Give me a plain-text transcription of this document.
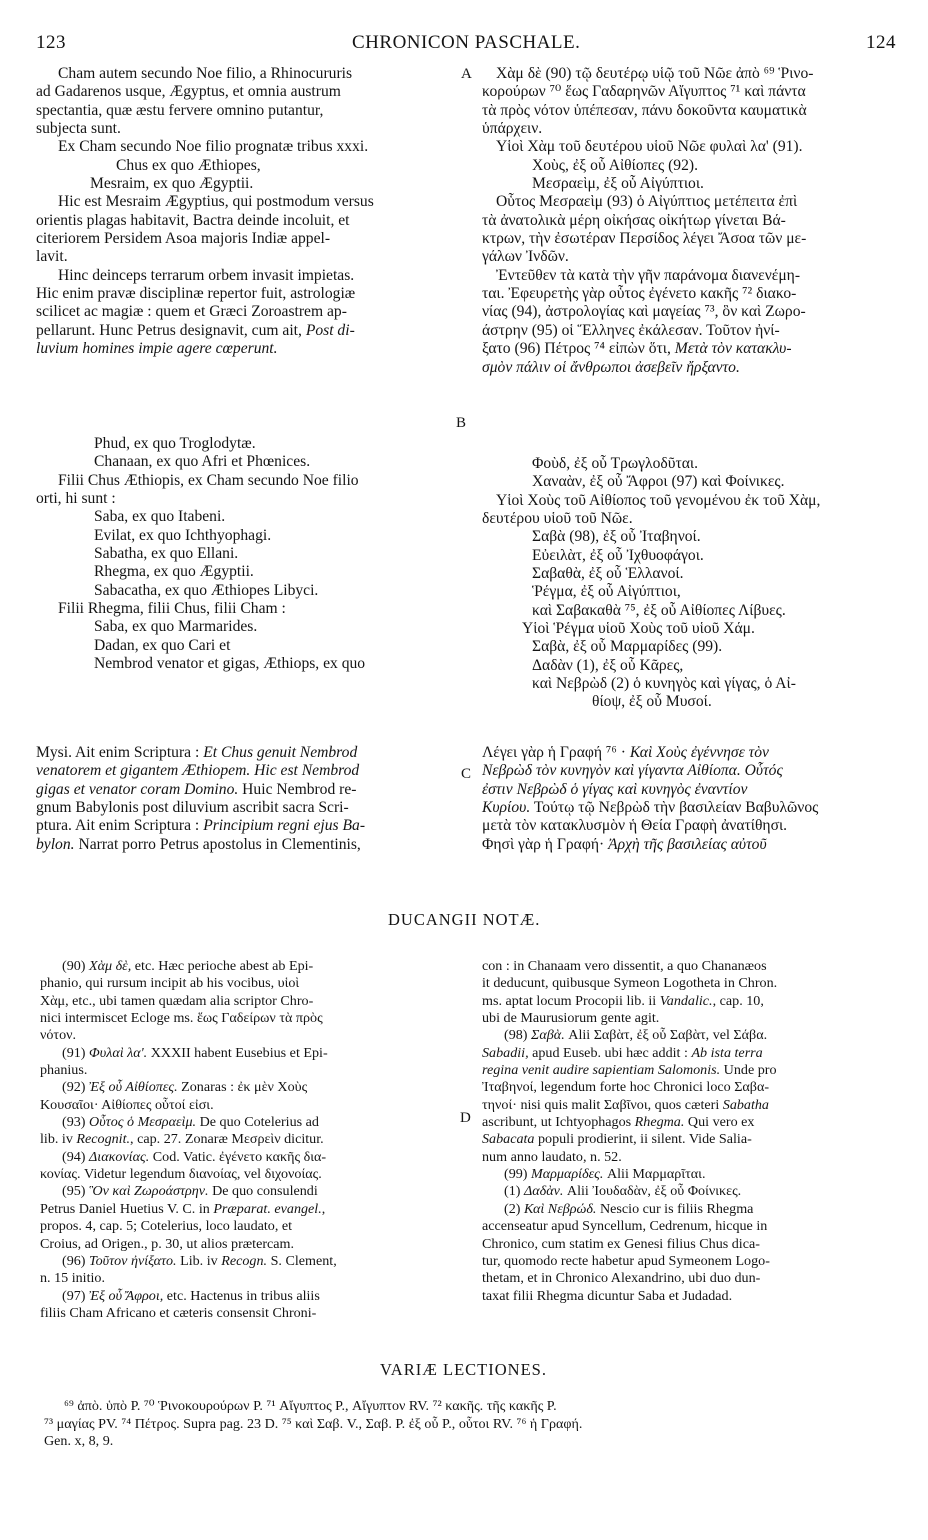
123	CHRONICON PASCHALE.	124
Cham autem secundo Noe filio, a Rhinocururis
ad Gadarenos usque, Ægyptus, et omnia austrum
spectantia, quæ æstu fervere omnino putantur,
subjecta sunt.
Ex Cham secundo Noe filio prognatæ tribus xxxi.
Chus ex quo Æthiopes,
Mesraim, ex quo Ægyptii.
Hic est Mesraim Ægyptius, qui postmodum versus
orientis plagas habitavit, Bactra deinde incoluit, et
citeriorem Persidem Asoa majoris Indiæ appel-
lavit.
Hinc deinceps terrarum orbem invasit impietas.
Hic enim pravæ disciplinæ repertor fuit, astrologiæ
scilicet ac magiæ : quem et Græci Zoroastrem ap-
pellarunt. Hunc Petrus designavit, cum ait, Post di-
luvium homines impie agere cœperunt.
Phud, ex quo Troglodytæ.
Chanaan, ex quo Afri et Phœnices.
Filii Chus Æthiopis, ex Cham secundo Noe filio
orti, hi sunt :
Saba, ex quo Itabeni.
Evilat, ex quo Ichthyophagi.
Sabatha, ex quo Ellani.
Rhegma, ex quo Ægyptii.
Sabacatha, ex quo Æthiopes Libyci.
Filii Rhegma, filii Chus, filii Cham :
Saba, ex quo Marmarides.
Dadan, ex quo Cari et
Nembrod venator et gigas, Æthiops, ex quo
Mysi. Ait enim Scriptura : Et Chus genuit Nembrod
venatorem et gigantem Æthiopem. Hic est Nembrod
gigas et venator coram Domino. Huic Nembrod re-
gnum Babylonis post diluvium ascribit sacra Scri-
ptura. Ait enim Scriptura : Principium regni ejus Ba-
bylon. Narrat porro Petrus apostolus in Clementinis,
A
B
C
D
Χὰμ δὲ (90) τῷ δευτέρῳ υἱῷ τοῦ Νῶε ἀπὸ ⁶⁹ Ῥινο-
κορούρων ⁷⁰ ἕως Γαδαρηνῶν Αἴγυπτος ⁷¹ καὶ πάντα
τὰ πρὸς νότον ὑπέπεσαν, πάνυ δοκοῦντα καυματικὰ
ὑπάρχειν.
Υἱοὶ Χὰμ τοῦ δευτέρου υἱοῦ Νῶε φυλαὶ λα' (91).
Χοὺς, ἐξ οὗ Αἰθίοπες (92).
Μεσραεὶμ, ἐξ οὗ Αἰγύπτιοι.
Οὗτος Μεσραεὶμ (93) ὁ Αἰγύπτιος μετέπειτα ἐπὶ
τὰ ἀνατολικὰ μέρη οἰκήσας οἰκήτωρ γίνεται Βά-
κτρων, τὴν ἐσωτέραν Περσίδος λέγει Ἄσοα τῶν με-
γάλων Ἰνδῶν.
Ἐντεῦθεν τὰ κατὰ τὴν γῆν παράνομα διανενέμη-
ται. Ἐφευρετὴς γὰρ οὗτος ἐγένετο κακῆς ⁷² διακο-
νίας (94), ἀστρολογίας καὶ μαγείας ⁷³, ὃν καὶ Ζωρο-
άστρην (95) οἱ Ἕλληνες ἐκάλεσαν. Τοῦτον ἠνί-
ξατο (96) Πέτρος ⁷⁴ εἰπὼν ὅτι, Μετὰ τὸν κατακλυ-
σμὸν πάλιν οἱ ἄνθρωποι ἀσεβεῖν ἤρξαντο.
Φοὺδ, ἐξ οὗ Τρωγλοδῦται.
Χαναὰν, ἐξ οὗ Ἄφροι (97) καὶ Φοίνικες.
Υἱοὶ Χοὺς τοῦ Αἰθίοπος τοῦ γενομένου ἐκ τοῦ Χὰμ,
δευτέρου υἱοῦ τοῦ Νῶε.
Σαβὰ (98), ἐξ οὗ Ἰταβηνοί.
Εὐειλὰτ, ἐξ οὗ Ἰχθυοφάγοι.
Σαβαθὰ, ἐξ οὗ Ἑλλανοί.
Ῥέγμα, ἐξ οὗ Αἰγύπτιοι,
καὶ Σαβακαθὰ ⁷⁵, ἐξ οὗ Αἰθίοπες Λίβυες.
Υἱοὶ Ῥέγμα υἱοῦ Χοὺς τοῦ υἱοῦ Χάμ.
Σαβὰ, ἐξ οὗ Μαρμαρίδες (99).
Δαδὰν (1), ἐξ οὗ Κᾶρες,
καὶ Νεβρὼδ (2) ὁ κυνηγὸς καὶ γίγας, ὁ Αἰ-
θίοψ, ἐξ οὗ Μυσοί.
Λέγει γὰρ ἡ Γραφή ⁷⁶ · Καὶ Χοὺς ἐγέννησε τὸν
Νεβρὼδ τὸν κυνηγὸν καὶ γίγαντα Αἰθίοπα. Οὗτός
ἐστιν Νεβρὼδ ὁ γίγας καὶ κυνηγὸς ἐναντίον
Κυρίου. Τούτῳ τῷ Νεβρὼδ τὴν βασιλείαν Βαβυλῶνος
μετὰ τὸν κατακλυσμὸν ἡ Θεία Γραφὴ ἀνατίθησι.
Φησὶ γὰρ ἡ Γραφή· Ἀρχὴ τῆς βασιλείας αὐτοῦ
DUCANGII NOTÆ.
(90) Χὰμ δὲ, etc. Hæc perioche abest ab Epi-
phanio, qui rursum incipit ab his vocibus, υἱοὶ
Χὰμ, etc., ubi tamen quædam alia scriptor Chro-
nici intermiscet Ecloge ms. ἕως Γαδείρων τὰ πρὸς
νότον.
(91) Φυλαὶ λα'. XXXII habent Eusebius et Epi-
phanius.
(92) Ἐξ οὗ Αἰθίοπες. Zonaras : ἐκ μὲν Χοὺς
Κουσαῖοι· Αἰθίοπες οὗτοί εἰσι.
(93) Οὗτος ὁ Μεσραεὶμ. De quo Cotelerius ad
lib. iv Recognit., cap. 27. Zonaræ Μεσρεὶν dicitur.
(94) Διακονίας. Cod. Vatic. ἐγένετο κακῆς δια-
κονίας. Videtur legendum διανοίας, vel διχονοίας.
(95) Ὃν καὶ Ζωροάστρην. De quo consulendi
Petrus Daniel Huetius V. C. in Præparat. evangel.,
propos. 4, cap. 5; Cotelerius, loco laudato, et
Croius, ad Origen., p. 30, ut alios prætercam.
(96) Τοῦτον ἠνίξατο. Lib. iv Recogn. S. Clement,
n. 15 initio.
(97) Ἐξ οὗ Ἄφροι, etc. Hactenus in tribus aliis
filiis Cham Africano et cæteris consensit Chroni-
con : in Chanaam vero dissentit, a quo Chananæos
it deducunt, quibusque Symeon Logotheta in Chron.
ms. aptat locum Procopii lib. ii Vandalic., cap. 10,
ubi de Maurusiorum gente agit.
(98) Σαβὰ. Alii Σαβὰτ, ἐξ οὗ Σαβὰτ, vel Σάβα.
Sabadii, apud Euseb. ubi hæc addit : Ab ista terra
regina venit audire sapientiam Salomonis. Unde pro
Ἰταβηνοί, legendum forte hoc Chronici loco Σαβα-
τηνοί· nisi quis malit Σαβῖνοι, quos cæteri Sabatha
ascribunt, ut Ichtyophagos Rhegma. Qui vero ex
Sabacata populi prodierint, ii silent. Vide Salia-
num anno laudato, n. 52.
(99) Μαρμαρίδες. Alii Μαρμαρῖται.
(1) Δαδὰν. Alii Ἰουδαδὰν, ἐξ οὗ Φοίνικες.
(2) Καὶ Νεβρώδ. Nescio cur is filiis Rhegma
accenseatur apud Syncellum, Cedrenum, hicque in
Chronico, cum statim ex Genesi filius Chus dica-
tur, quomodo recte habetur apud Symeonem Logo-
thetam, et in Chronico Alexandrino, ubi duo dun-
taxat filii Rhegma dicuntur Saba et Judadad.
VARIÆ LECTIONES.
⁶⁹ ἀπὸ. ὑπὸ P. ⁷⁰ Ῥινοκουρούρων P. ⁷¹ Αἴγυπτος P., Αἴγυπτον RV. ⁷² κακῆς. τῆς κακῆς P.
⁷³ μαγίας PV. ⁷⁴ Πέτρος. Supra pag. 23 D. ⁷⁵ καὶ Σαβ. V., Σαβ. P. ἐξ οὗ P., οὗτοι RV. ⁷⁶ ἡ Γραφή.
Gen. x, 8, 9.
